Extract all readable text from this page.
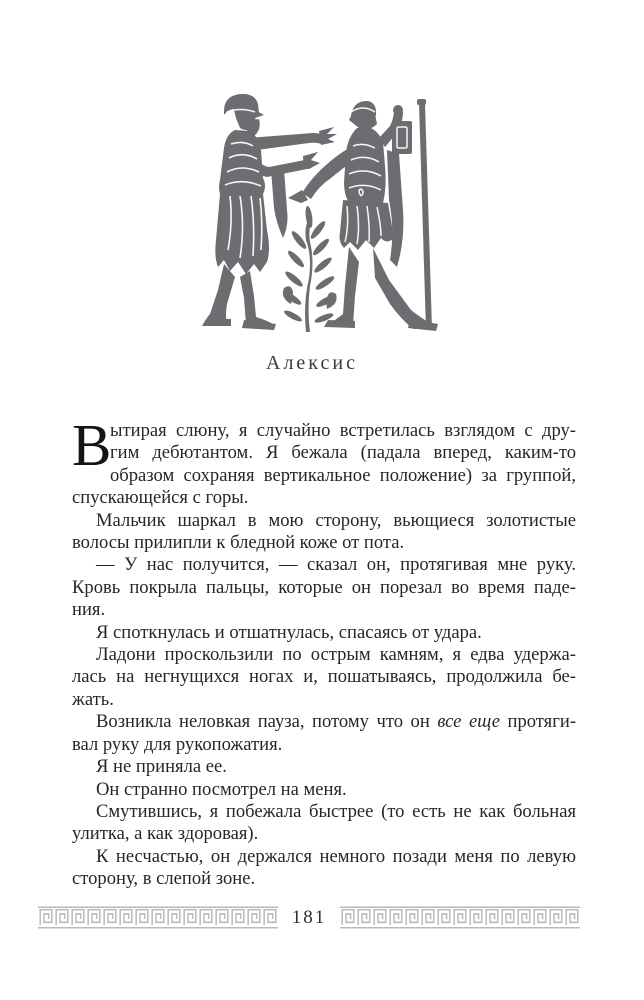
Алексис
В
ытирая слюну, я случайно встретилась взглядом с дру-
гим дебютантом. Я бежала (падала вперед, каким-то
образом сохраняя вертикальное положение) за группой,
спускающейся с горы.
Мальчик шаркал в мою сторону, вьющиеся золотистые
волосы прилипли к бледной коже от пота.
— У нас получится, — сказал он, протягивая мне руку.
Кровь покрыла пальцы, которые он порезал во время паде-
ния.
Я споткнулась и отшатнулась, спасаясь от удара.
Ладони проскользили по острым камням, я едва удержа-
лась на негнущихся ногах и, пошатываясь, продолжила бе-
жать.
Возникла неловкая пауза, потому что он все еще протяги-
вал руку для рукопожатия.
Я не приняла ее.
Он странно посмотрел на меня.
Смутившись, я побежала быстрее (то есть не как больная
улитка, а как здоровая).
К несчастью, он держался немного позади меня по левую
сторону, в слепой зоне.
181
